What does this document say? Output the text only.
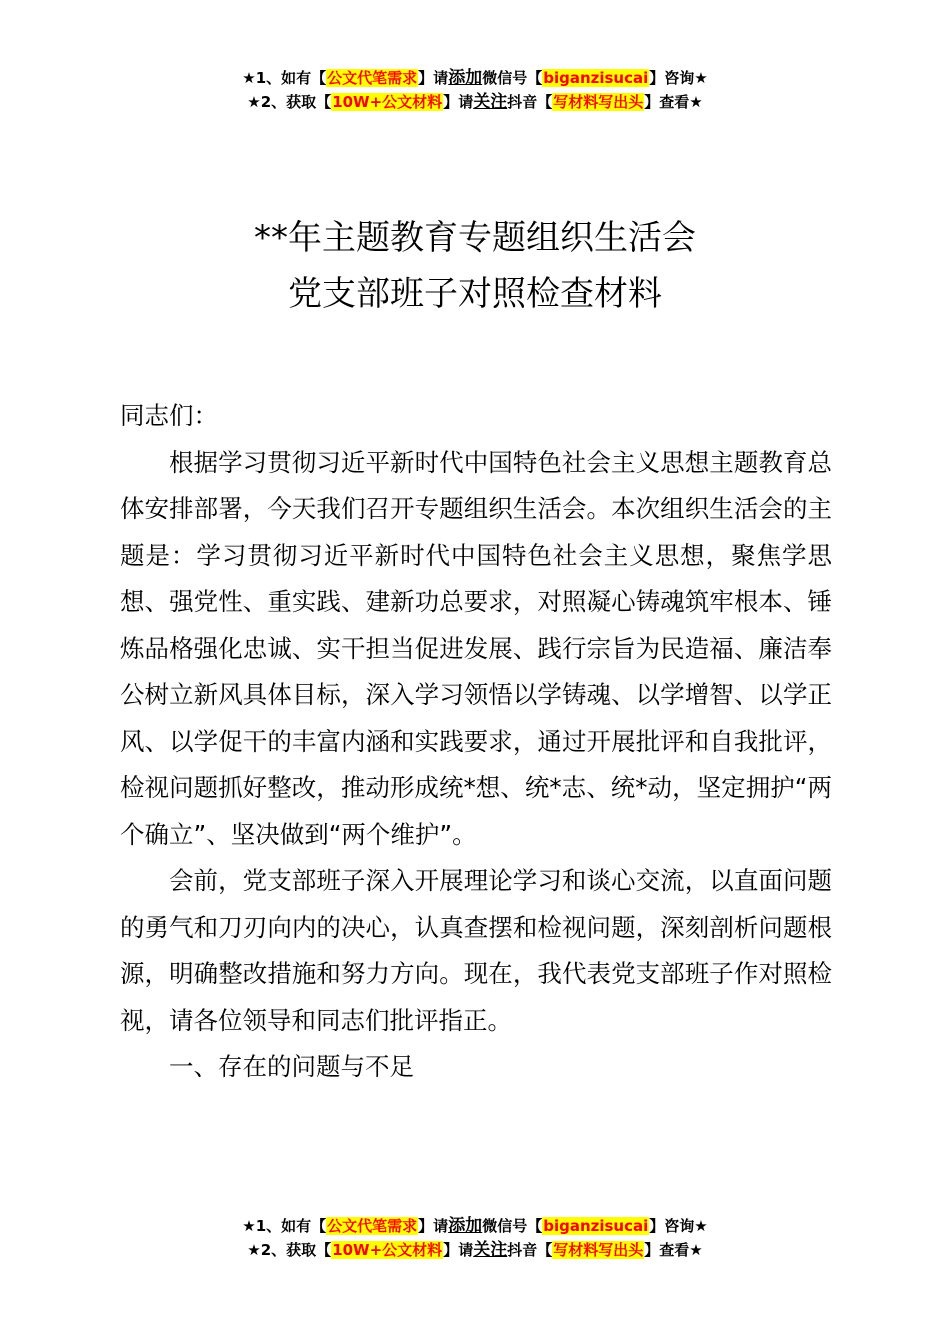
★1、如有【公文代笔需求】请添加微信号【biganzisucai】咨询★
★2、获取【10W+公文材料】请关注抖音【写材料写出头】查看★
**年主题教育专题组织生活会
党支部班子对照检查材料

同志们：

根据学习贯彻习近平新时代中国特色社会主义思想主题教育总体安排部署，今天我们召开专题组织生活会。本次组织生活会的主题是：学习贯彻习近平新时代中国特色社会主义思想，聚焦学思想、强党性、重实践、建新功总要求，对照凝心铸魂筑牢根本、锤炼品格强化忠诚、实干担当促进发展、践行宗旨为民造福、廉洁奉公树立新风具体目标，深入学习领悟以学铸魂、以学增智、以学正风、以学促干的丰富内涵和实践要求，通过开展批评和自我批评，检视问题抓好整改，推动形成统*想、统*志、统*动，坚定拥护“两个确立”、坚决做到“两个维护”。

会前，党支部班子深入开展理论学习和谈心交流，以直面问题的勇气和刀刃向内的决心，认真查摆和检视问题，深刻剖析问题根源，明确整改措施和努力方向。现在，我代表党支部班子作对照检视，请各位领导和同志们批评指正。

一、存在的问题与不足

★1、如有【公文代笔需求】请添加微信号【biganzisucai】咨询★
★2、获取【10W+公文材料】请关注抖音【写材料写出头】查看★
